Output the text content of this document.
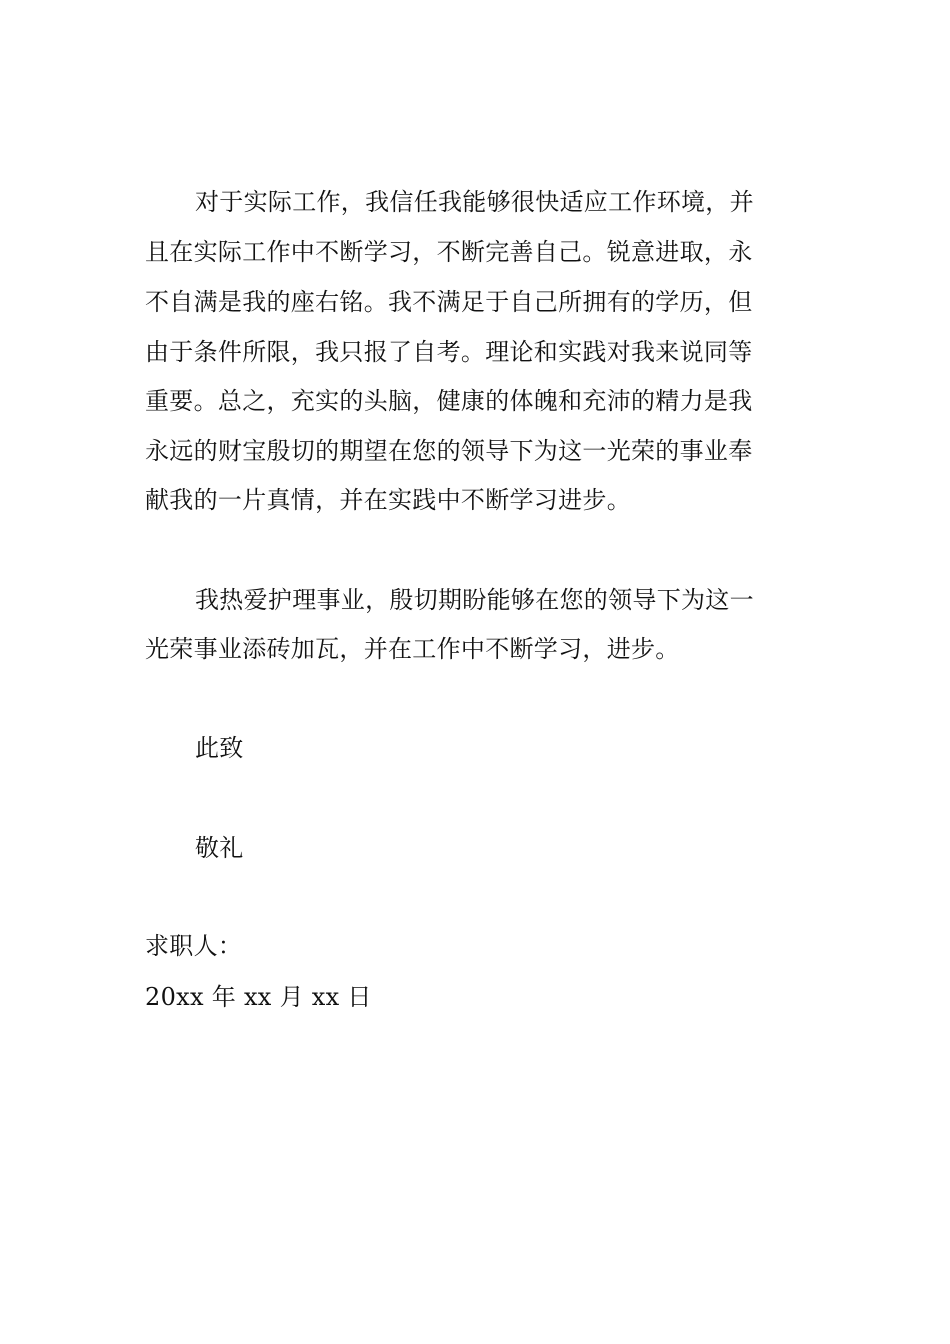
对于实际工作，我信任我能够很快适应工作环境，并
且在实际工作中不断学习，不断完善自己。锐意进取，永
不自满是我的座右铭。我不满足于自己所拥有的学历，但
由于条件所限，我只报了自考。理论和实践对我来说同等
重要。总之，充实的头脑，健康的体魄和充沛的精力是我
永远的财宝殷切的期望在您的领导下为这一光荣的事业奉
献我的一片真情，并在实践中不断学习进步。
我热爱护理事业，殷切期盼能够在您的领导下为这一
光荣事业添砖加瓦，并在工作中不断学习，进步。
此致
敬礼
求职人：
20xx 年 xx 月 xx 日
